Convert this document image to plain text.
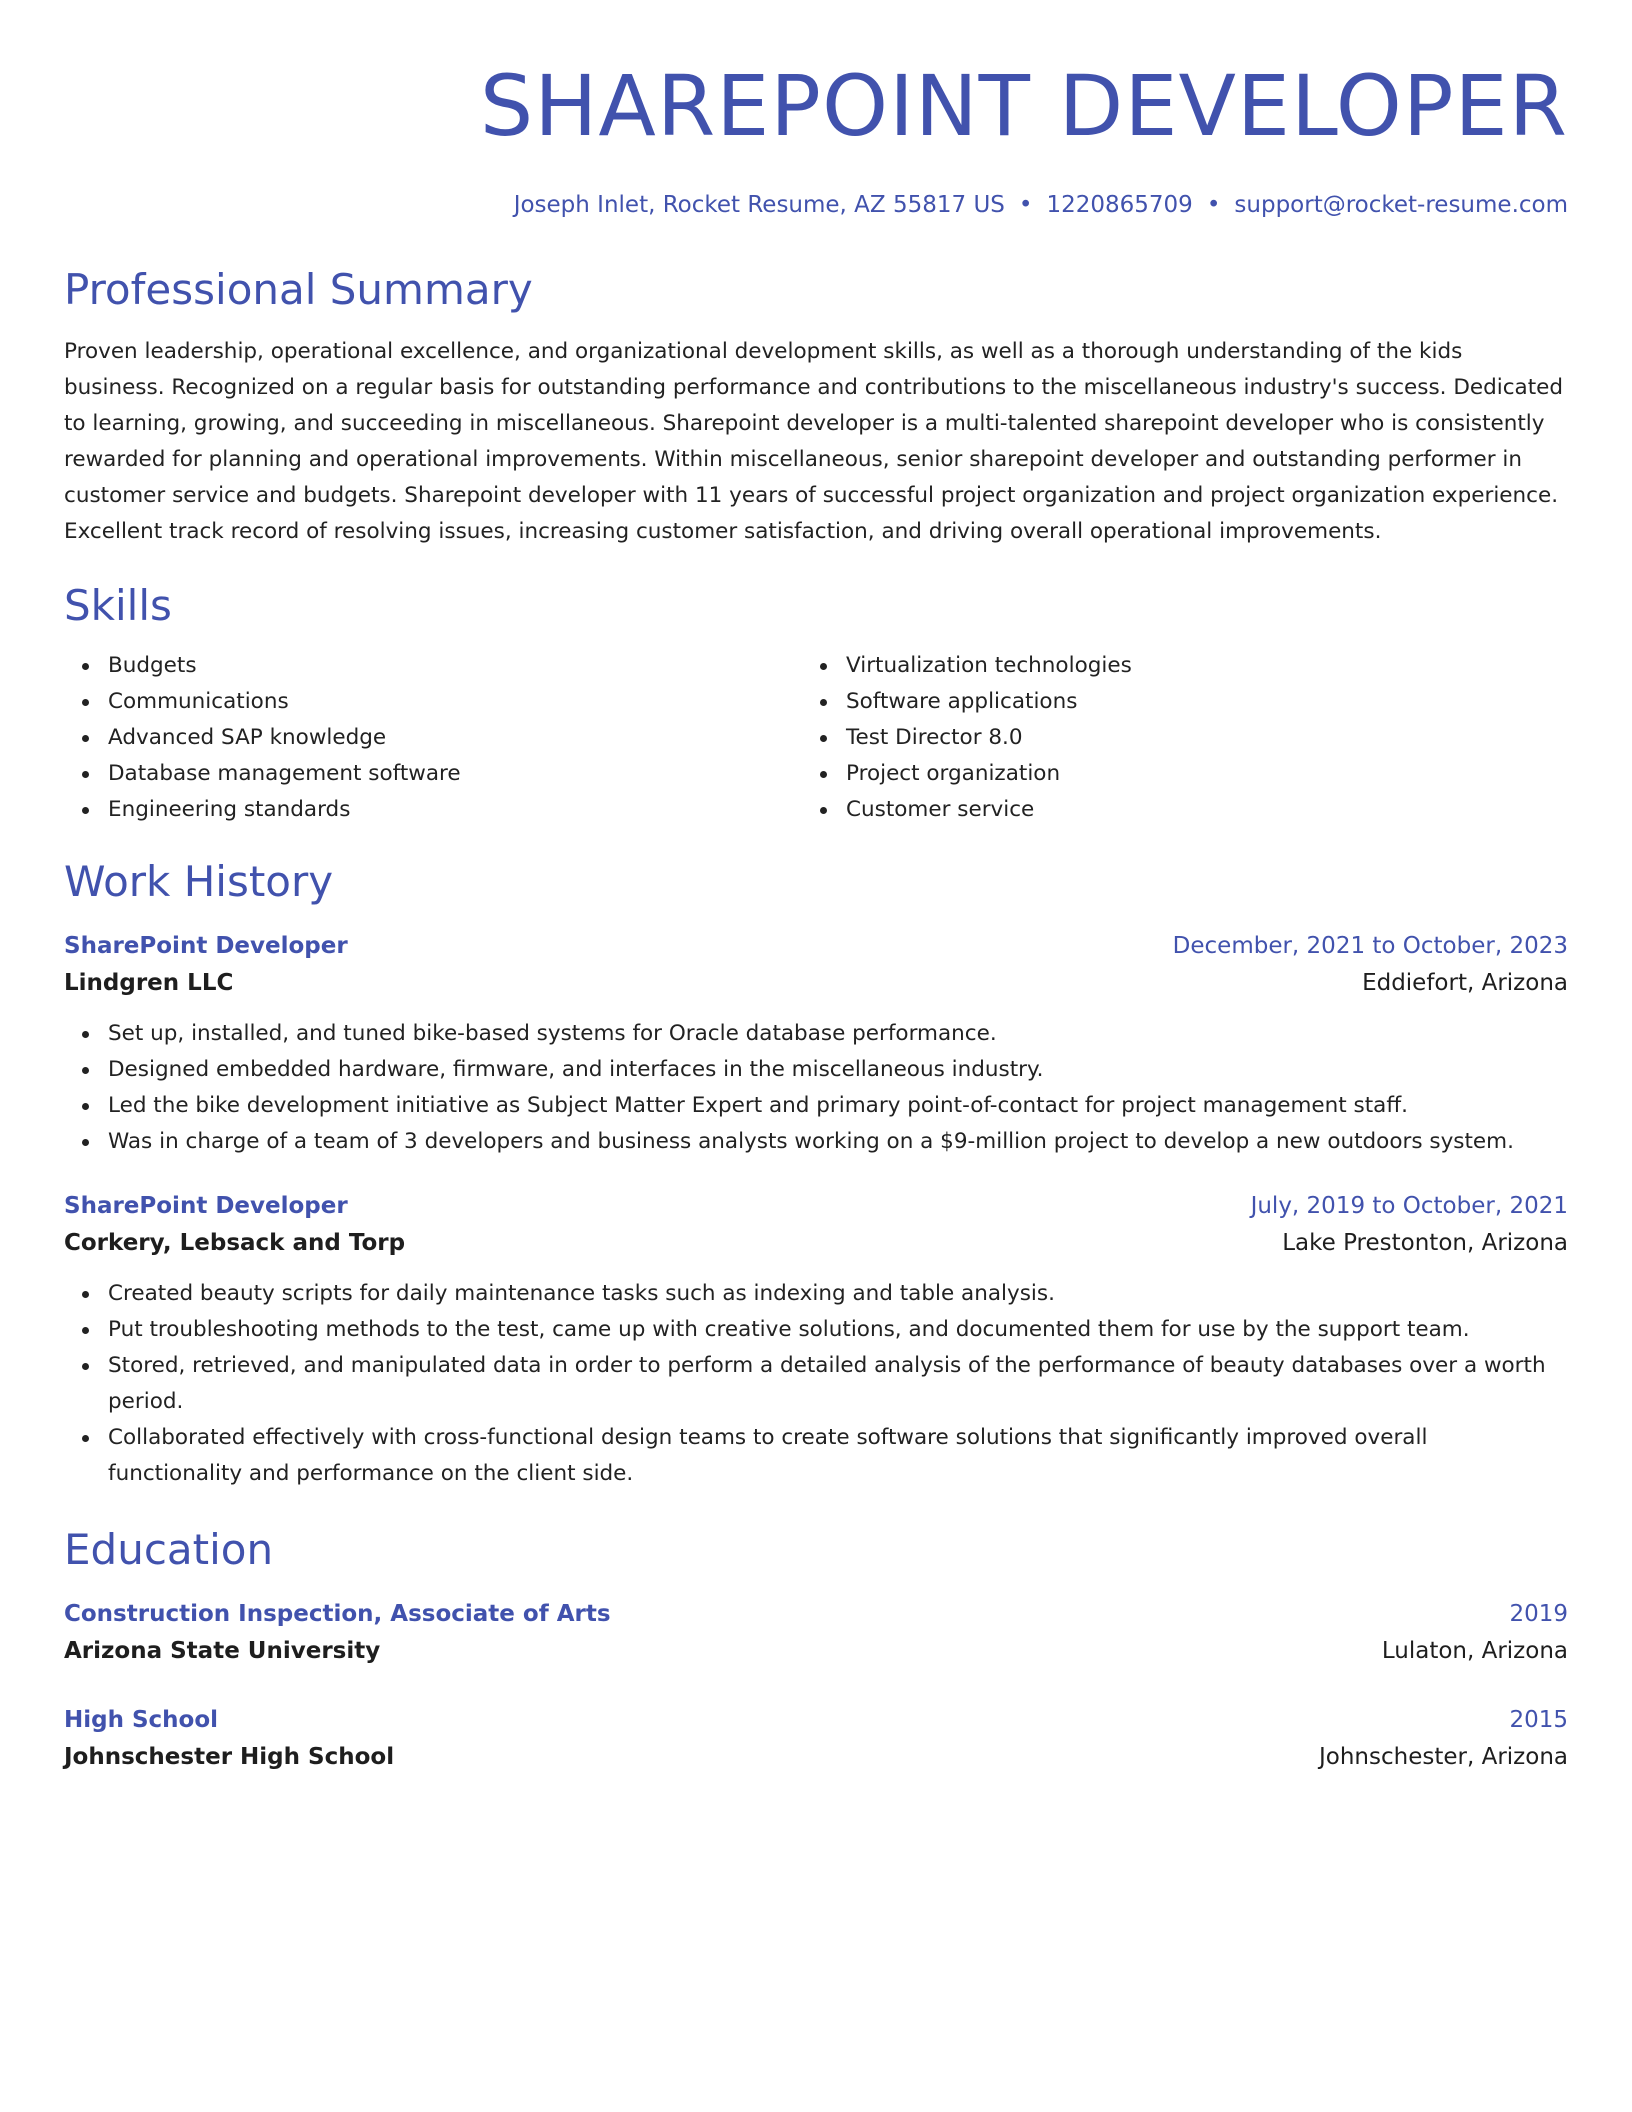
SHAREPOINT DEVELOPER
Joseph Inlet, Rocket Resume, AZ 55817 US • 1220865709 • support@rocket-resume.com
Professional Summary
Proven leadership, operational excellence, and organizational development skills, as well as a thorough understanding of the kids business. Recognized on a regular basis for outstanding performance and contributions to the miscellaneous industry's success. Dedicated to learning, growing, and succeeding in miscellaneous. Sharepoint developer is a multi-talented sharepoint developer who is consistently rewarded for planning and operational improvements. Within miscellaneous, senior sharepoint developer and outstanding performer in customer service and budgets. Sharepoint developer with 11 years of successful project organization and project organization experience. Excellent track record of resolving issues, increasing customer satisfaction, and driving overall operational improvements.
Skills
Budgets
Communications
Advanced SAP knowledge
Database management software
Engineering standards
Virtualization technologies
Software applications
Test Director 8.0
Project organization
Customer service
Work History
SharePoint Developer	December, 2021 to October, 2023
Lindgren LLC	Eddiefort, Arizona
Set up, installed, and tuned bike-based systems for Oracle database performance.
Designed embedded hardware, firmware, and interfaces in the miscellaneous industry.
Led the bike development initiative as Subject Matter Expert and primary point-of-contact for project management staff.
Was in charge of a team of 3 developers and business analysts working on a $9-million project to develop a new outdoors system.
SharePoint Developer	July, 2019 to October, 2021
Corkery, Lebsack and Torp	Lake Prestonton, Arizona
Created beauty scripts for daily maintenance tasks such as indexing and table analysis.
Put troubleshooting methods to the test, came up with creative solutions, and documented them for use by the support team.
Stored, retrieved, and manipulated data in order to perform a detailed analysis of the performance of beauty databases over a worth period.
Collaborated effectively with cross-functional design teams to create software solutions that significantly improved overall functionality and performance on the client side.
Education
Construction Inspection, Associate of Arts	2019
Arizona State University	Lulaton, Arizona
High School	2015
Johnschester High School	Johnschester, Arizona
